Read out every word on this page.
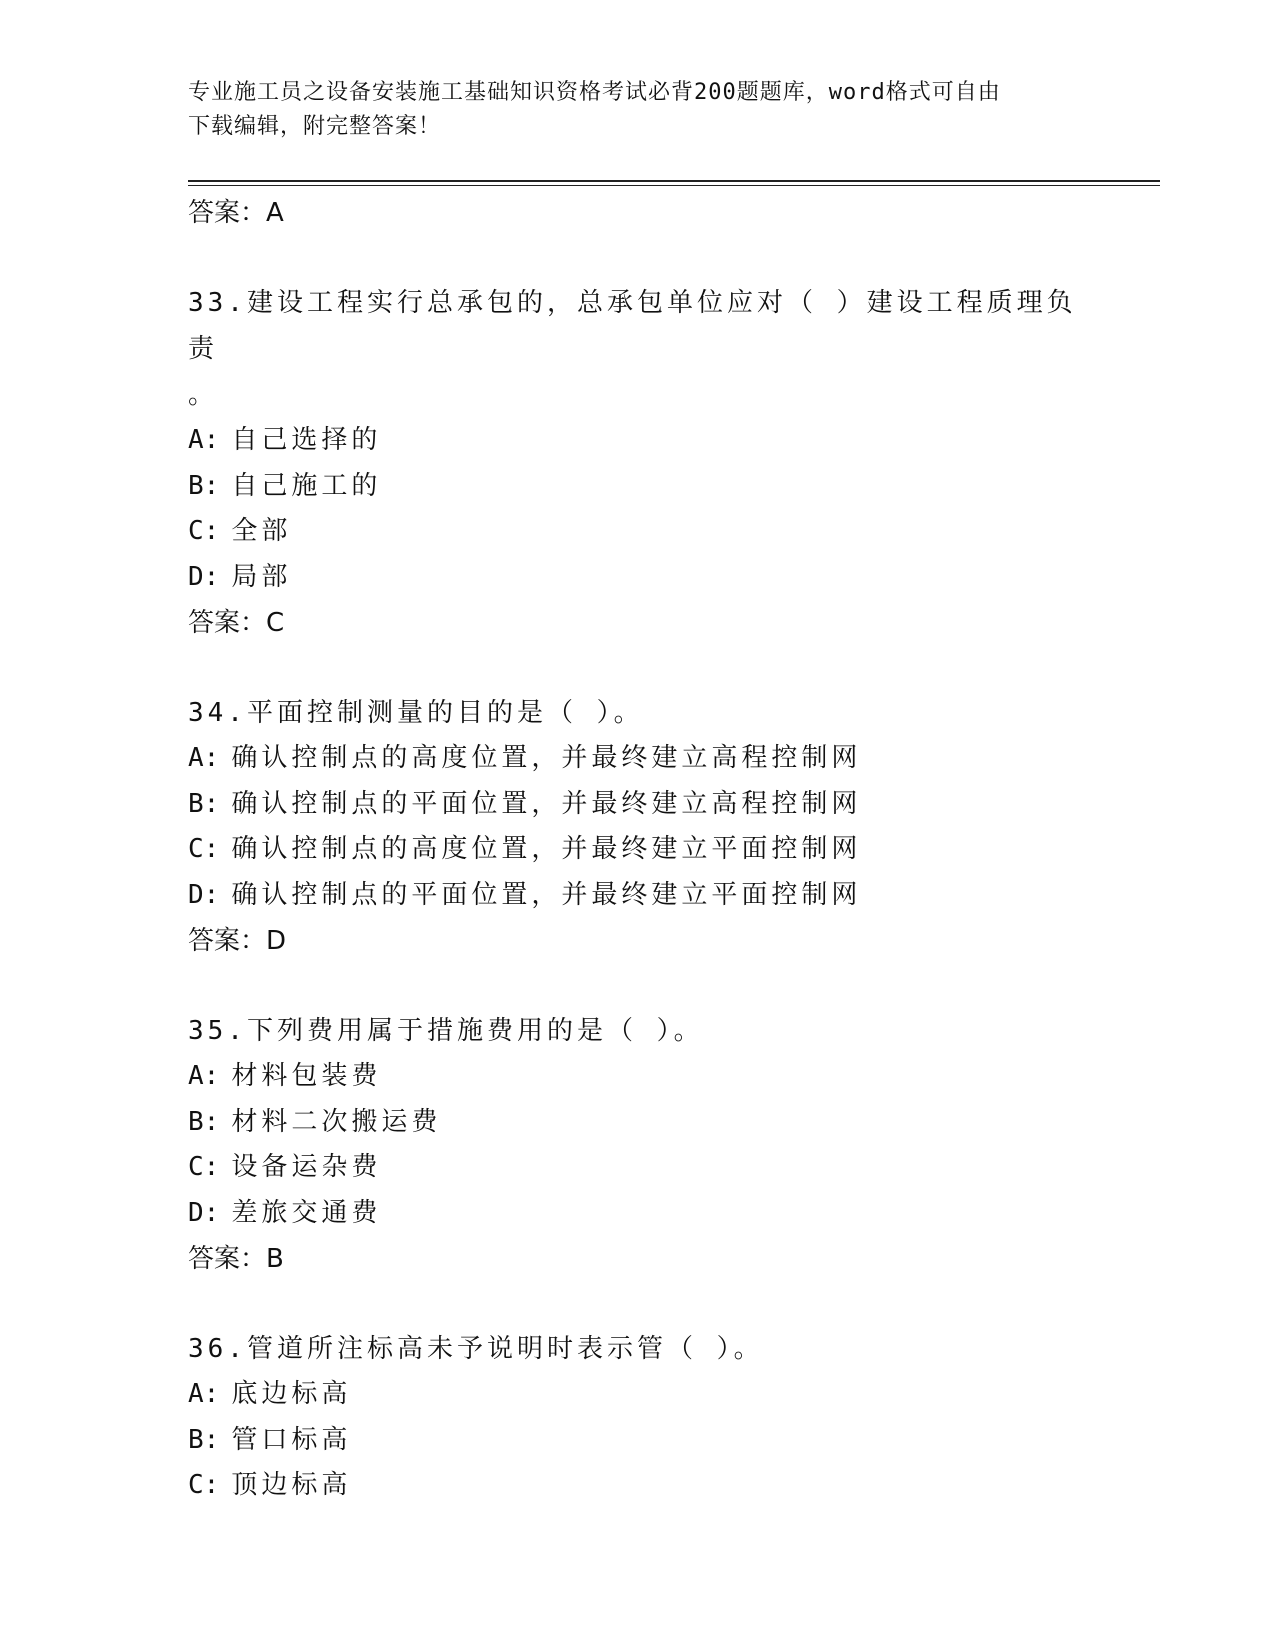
专业施工员之设备安装施工基础知识资格考试必背200题题库，word格式可自由
下载编辑，附完整答案！
答案：A
33.建设工程实行总承包的，总承包单位应对（ ）建设工程质理负责
。
A: 自己选择的
B: 自己施工的
C: 全部
D: 局部
答案：C
34.平面控制测量的目的是（ ）。
A: 确认控制点的高度位置，并最终建立高程控制网
B: 确认控制点的平面位置，并最终建立高程控制网
C: 确认控制点的高度位置，并最终建立平面控制网
D: 确认控制点的平面位置，并最终建立平面控制网
答案：D
35.下列费用属于措施费用的是（ ）。
A: 材料包装费
B: 材料二次搬运费
C: 设备运杂费
D: 差旅交通费
答案：B
36.管道所注标高未予说明时表示管（ ）。
A: 底边标高
B: 管口标高
C: 顶边标高
